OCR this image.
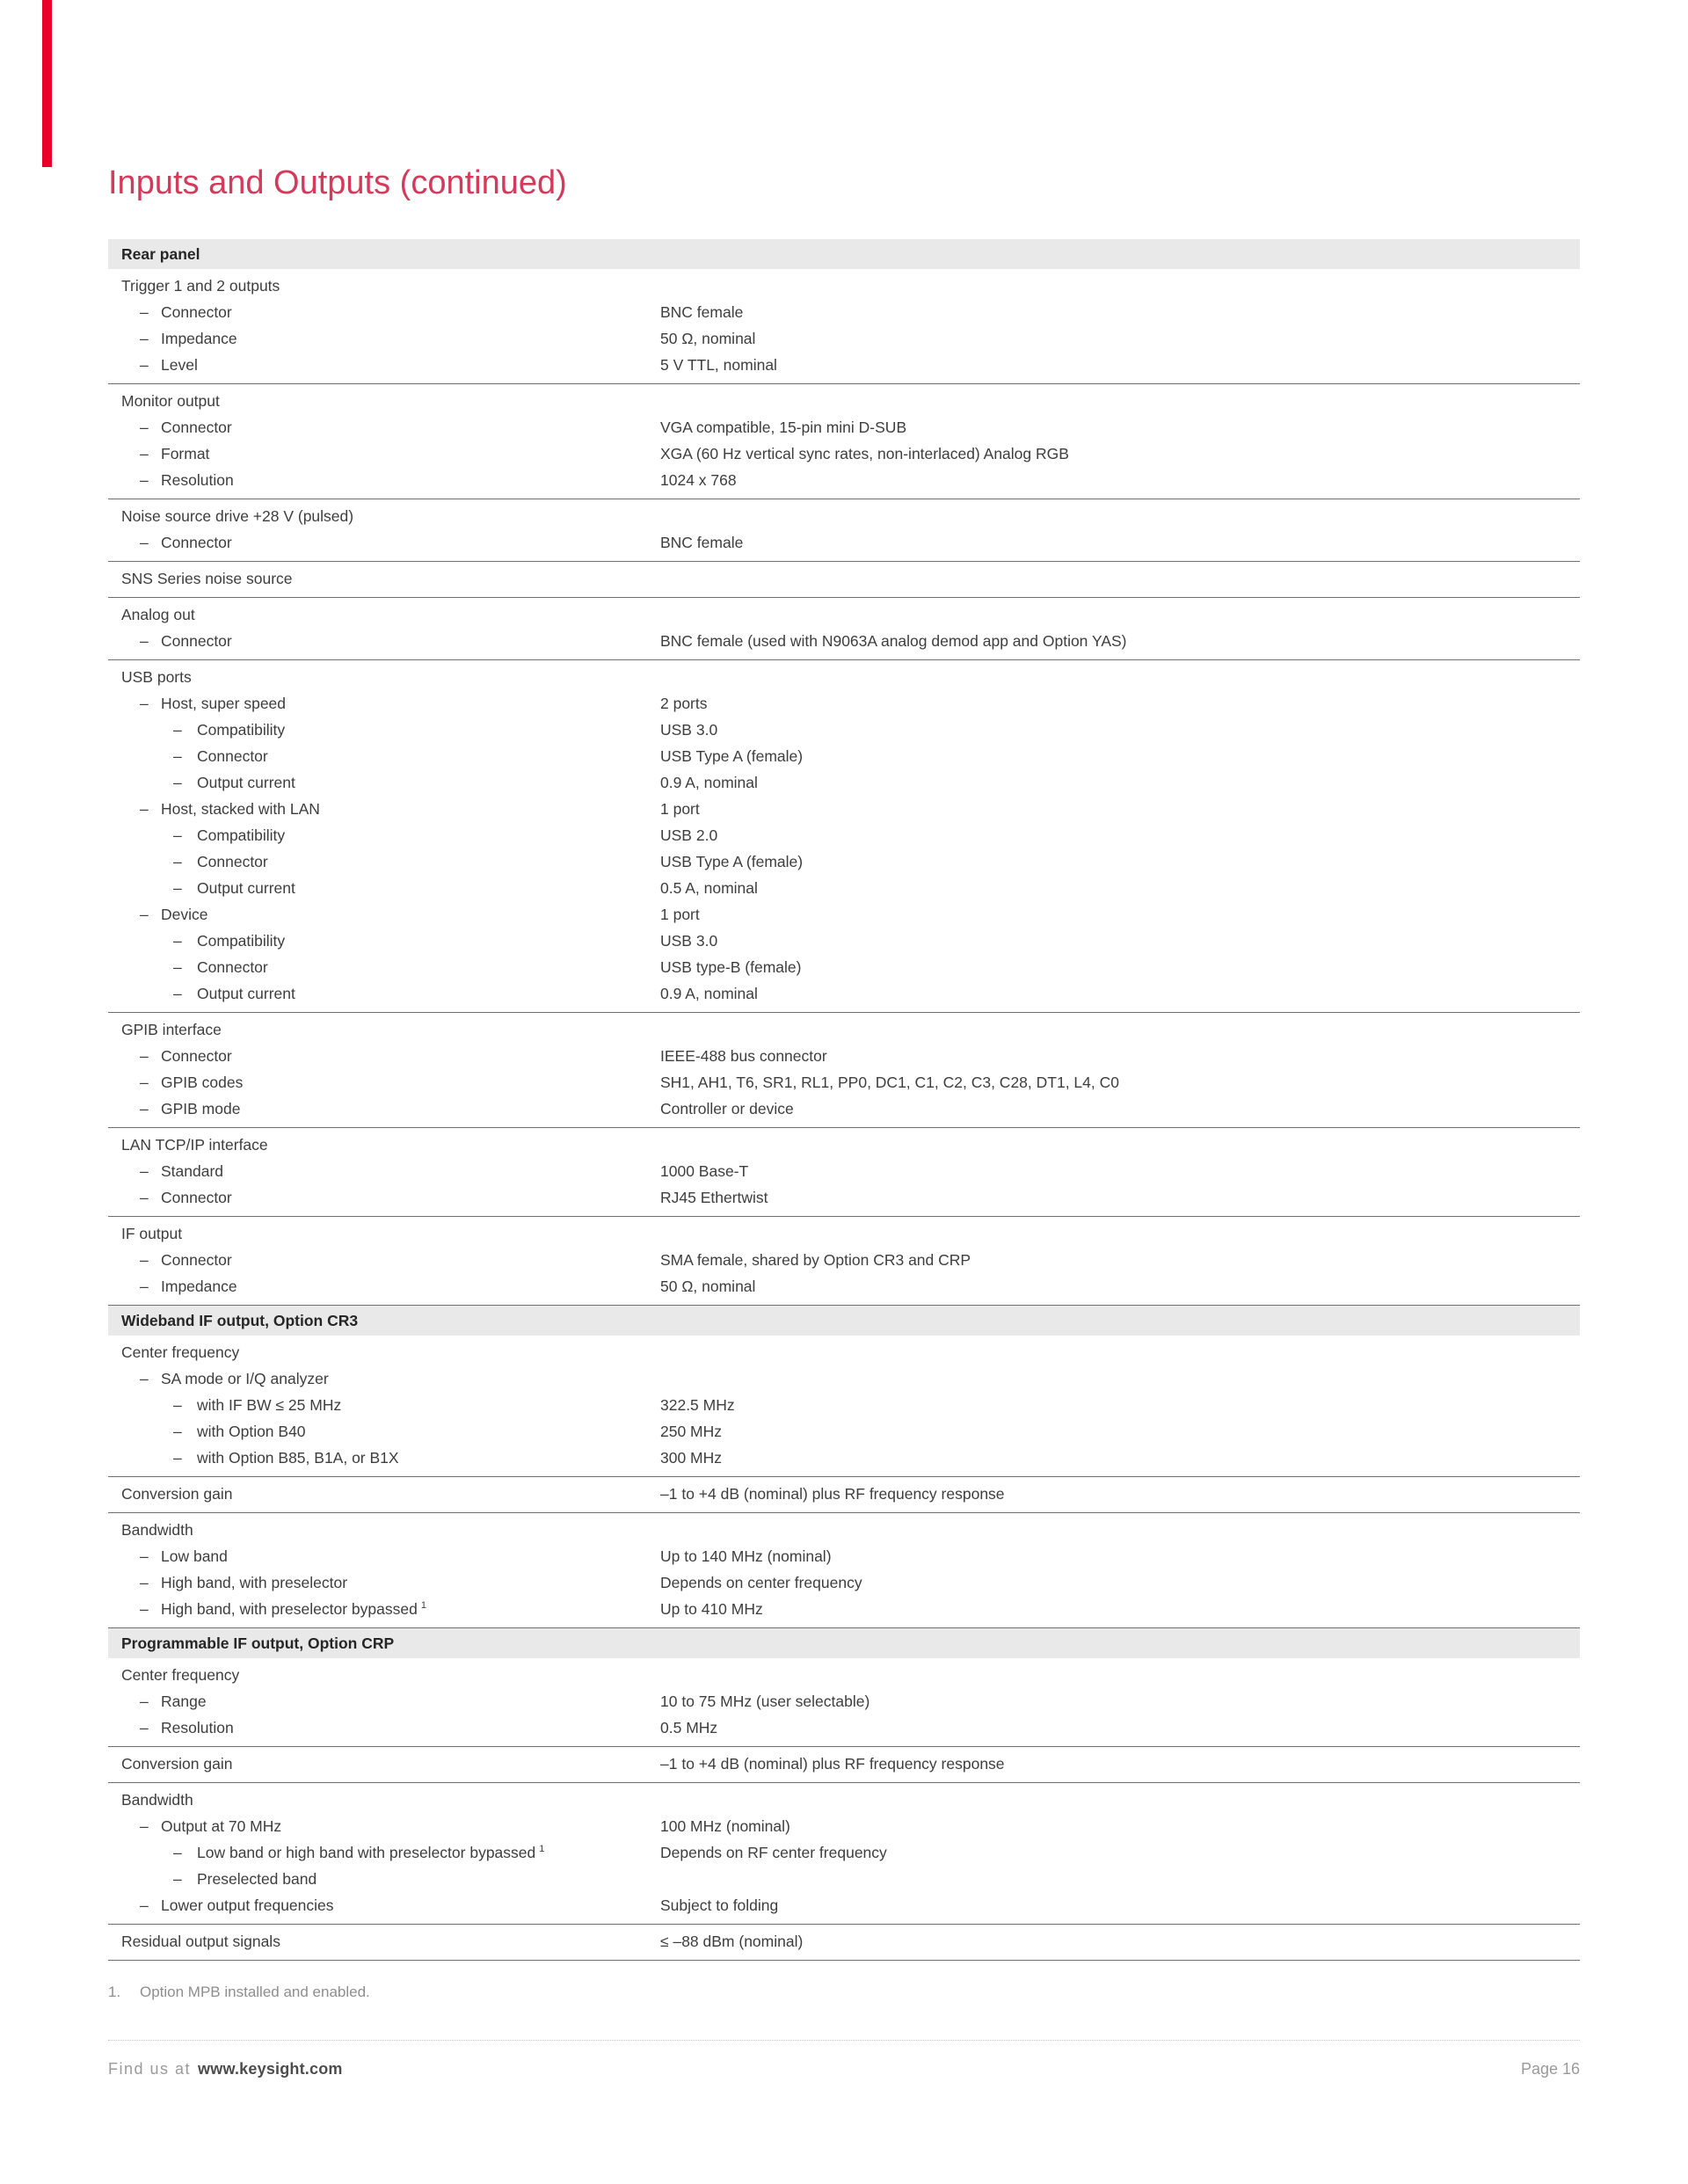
Inputs and Outputs (continued)
Rear panel
Trigger 1 and 2 outputs
– Connector	BNC female
– Impedance	50 Ω, nominal
– Level	5 V TTL, nominal
Monitor output
– Connector	VGA compatible, 15-pin mini D-SUB
– Format	XGA (60 Hz vertical sync rates, non-interlaced) Analog RGB
– Resolution	1024 x 768
Noise source drive +28 V (pulsed)
– Connector	BNC female
SNS Series noise source
Analog out
– Connector	BNC female (used with N9063A analog demod app and Option YAS)
USB ports
– Host, super speed	2 ports
– Compatibility	USB 3.0
– Connector	USB Type A (female)
– Output current	0.9 A, nominal
– Host, stacked with LAN	1 port
– Compatibility	USB 2.0
– Connector	USB Type A (female)
– Output current	0.5 A, nominal
– Device	1 port
– Compatibility	USB 3.0
– Connector	USB type-B (female)
– Output current	0.9 A, nominal
GPIB interface
– Connector	IEEE-488 bus connector
– GPIB codes	SH1, AH1, T6, SR1, RL1, PP0, DC1, C1, C2, C3, C28, DT1, L4, C0
– GPIB mode	Controller or device
LAN TCP/IP interface
– Standard	1000 Base-T
– Connector	RJ45 Ethertwist
IF output
– Connector	SMA female, shared by Option CR3 and CRP
– Impedance	50 Ω, nominal
Wideband IF output, Option CR3
Center frequency
– SA mode or I/Q analyzer
– with IF BW ≤ 25 MHz	322.5 MHz
– with Option B40	250 MHz
– with Option B85, B1A, or B1X	300 MHz
Conversion gain	–1 to +4 dB (nominal) plus RF frequency response
Bandwidth
– Low band	Up to 140 MHz (nominal)
– High band, with preselector	Depends on center frequency
– High band, with preselector bypassed $^1$	Up to 410 MHz
Programmable IF output, Option CRP
Center frequency
– Range	10 to 75 MHz (user selectable)
– Resolution	0.5 MHz
Conversion gain	–1 to +4 dB (nominal) plus RF frequency response
Bandwidth
– Output at 70 MHz	100 MHz (nominal)
– Low band or high band with preselector bypassed $^1$	Depends on RF center frequency
– Preselected band
– Lower output frequencies	Subject to folding
Residual output signals	≤ –88 dBm (nominal)
1. Option MPB installed and enabled.
Find us at www.keysight.com	Page 16
